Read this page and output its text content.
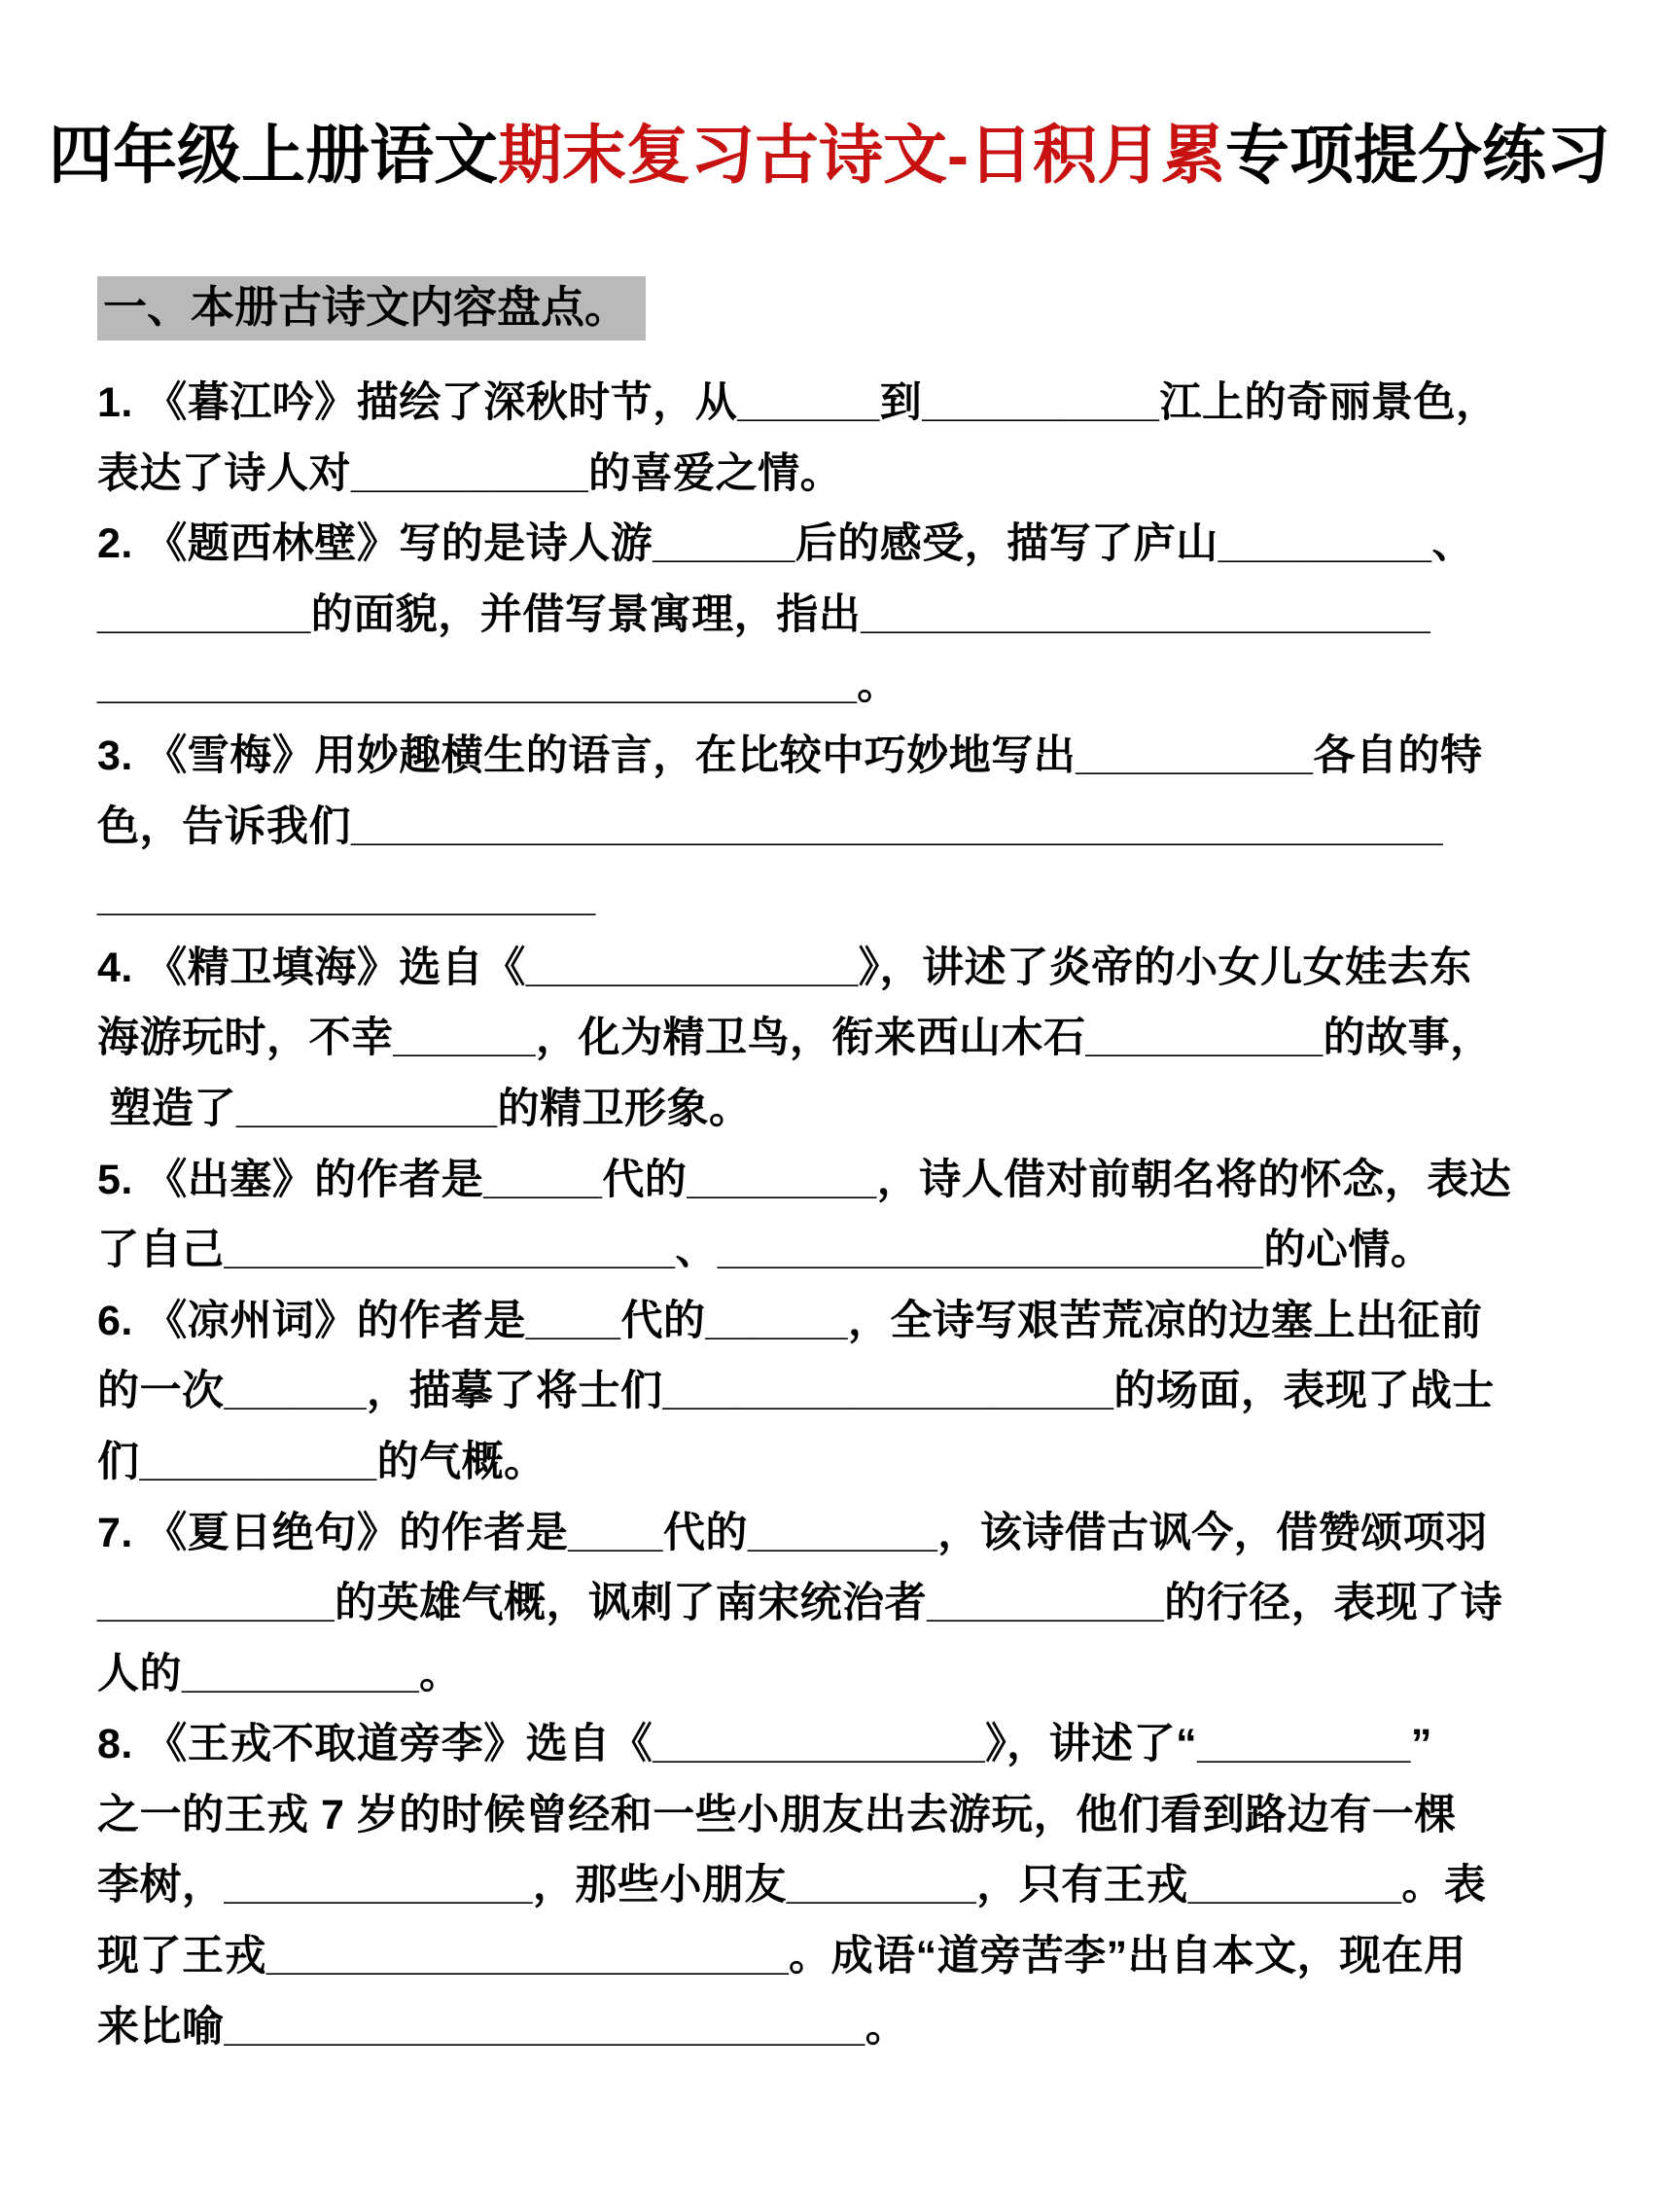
四年级上册语文期末复习古诗文-日积月累专项提分练习
一、本册古诗文内容盘点。
1. 《暮江吟》描绘了深秋时节，从______到__________江上的奇丽景色，
表达了诗人对__________的喜爱之情。
2. 《题西林壁》写的是诗人游______后的感受，描写了庐山_________、
_________的面貌，并借写景寓理，指出________________________
________________________________。
3. 《雪梅》用妙趣横生的语言，在比较中巧妙地写出__________各自的特
色，告诉我们______________________________________________
_____________________
4. 《精卫填海》选自《______________》，讲述了炎帝的小女儿女娃去东
海游玩时，不幸______，化为精卫鸟，衔来西山木石__________的故事，
塑造了___________的精卫形象。
5. 《出塞》的作者是_____代的________，诗人借对前朝名将的怀念，表达
了自己___________________、_______________________的心情。
6. 《凉州词》的作者是____代的______，全诗写艰苦荒凉的边塞上出征前
的一次______，描摹了将士们___________________的场面，表现了战士
们__________的气概。
7. 《夏日绝句》的作者是____代的________，该诗借古讽今，借赞颂项羽
__________的英雄气概，讽刺了南宋统治者__________的行径，表现了诗
人的__________。
8. 《王戎不取道旁李》选自《______________》，讲述了“_________”
之一的王戎 7 岁的时候曾经和一些小朋友出去游玩，他们看到路边有一棵
李树，_____________，那些小朋友________，只有王戎_________。表
现了王戎______________________。成语“道旁苦李”出自本文，现在用
来比喻___________________________。
